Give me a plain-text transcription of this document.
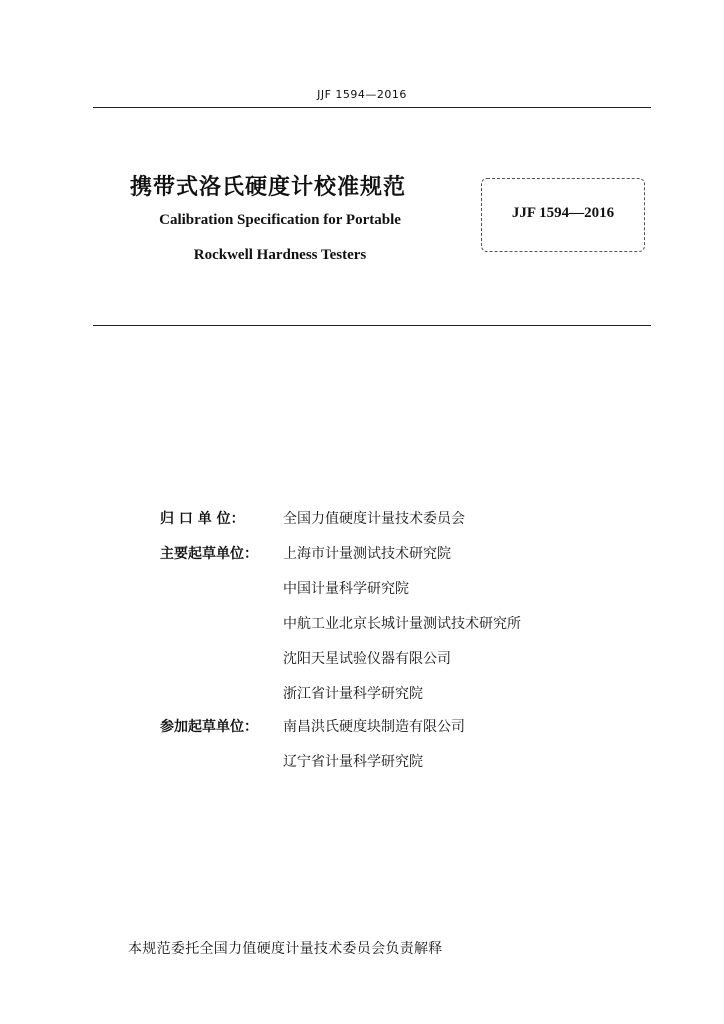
JJF 1594—2016
携带式洛氏硬度计校准规范
Calibration Specification for Portable
Rockwell Hardness Testers
JJF 1594—2016
归 口 单 位：	全国力值硬度计量技术委员会
主要起草单位：	上海市计量测试技术研究院
中国计量科学研究院
中航工业北京长城计量测试技术研究所
沈阳天星试验仪器有限公司
浙江省计量科学研究院
参加起草单位：	南昌洪氏硬度块制造有限公司
辽宁省计量科学研究院
本规范委托全国力值硬度计量技术委员会负责解释
